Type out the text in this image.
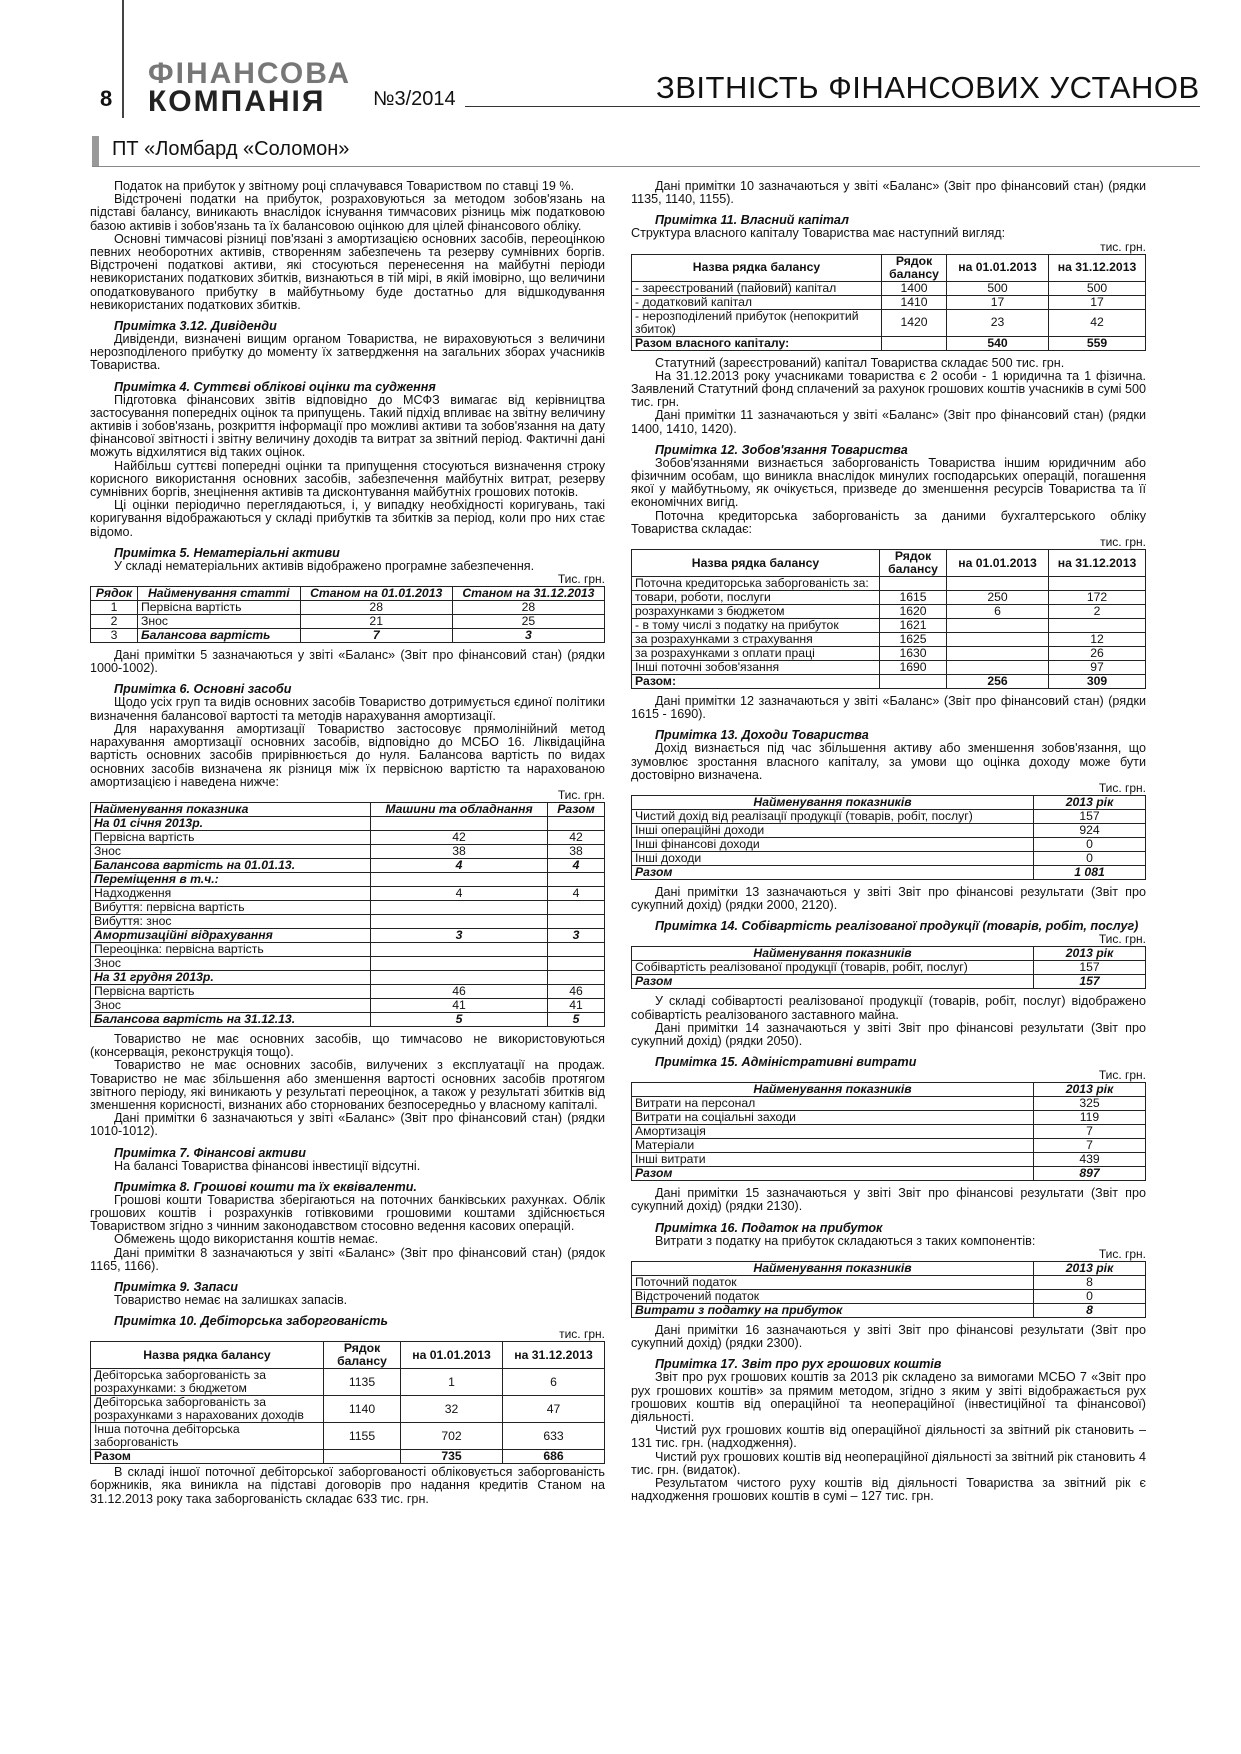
8
ФІНАНСОВА
КОМПАНІЯ	№3/2014	ЗВІТНІСТЬ ФІНАНСОВИХ УСТАНОВ
ПТ «Ломбард «Соломон»

Податок на прибуток у звітному році сплачувався Товариством по ставці 19 %.

Відстрочені податки на прибуток, розраховуються за методом зобов'язань на підставі балансу, виникають внаслідок існування тимчасових різниць між податковою базою активів і зобов'язань та їх балансовою оцінкою для цілей фінансового обліку.

Основні тимчасові різниці пов'язані з амортизацією основних засобів, переоцінкою певних необоротних активів, створенням забезпечень та резерву сумнівних боргів. Відстрочені податкові активи, які стосуються перенесення на майбутні періоди невикористаних податкових збитків, визнаються в тій мірі, в якій імовірно, що величини оподатковуваного прибутку в майбутньому буде достатньо для відшкодування невикористаних податкових збитків.

Примітка 3.12. Дивіденди

Дивіденди, визначені вищим органом Товариства, не вираховуються з величини нерозподіленого прибутку до моменту їх затвердження на загальних зборах учасників Товариства.

Примітка 4. Суттєві облікові оцінки та судження

Підготовка фінансових звітів відповідно до МСФЗ вимагає від керівництва застосування попередніх оцінок та припущень. Такий підхід впливає на звітну величину активів і зобов'язань, розкриття інформації про можливі активи та зобов'язання на дату фінансової звітності і звітну величину доходів та витрат за звітний період. Фактичні дані можуть відхилятися від таких оцінок.

Найбільш суттєві попередні оцінки та припущення стосуються визначення строку корисного використання основних засобів, забезпечення майбутніх витрат, резерву сумнівних боргів, знецінення активів та дисконтування майбутніх грошових потоків.

Ці оцінки періодично переглядаються, і, у випадку необхідності коригувань, такі коригування відображаються у складі прибутків та збитків за період, коли про них стає відомо.

Примітка 5. Нематеріальні активи

У складі нематеріальних активів відображено програмне забезпечення.

Тис. грн.
Рядок	Найменування статті	Станом на 01.01.2013	Станом на 31.12.2013
1	Первісна вартість	28	28
2	Знос	21	25
3	Балансова вартість	7	3

Дані примітки 5 зазначаються у звіті «Баланс» (Звіт про фінансовий стан) (рядки 1000-1002).

Примітка 6. Основні засоби

Щодо усіх груп та видів основних засобів Товариство дотримується єдиної політики визначення балансової вартості та методів нарахування амортизації.

Для нарахування амортизації Товариство застосовує прямолінійний метод нарахування амортизації основних засобів, відповідно до МСБО 16. Ліквідаційна вартість основних засобів прирівнюється до нуля. Балансова вартість по видах основних засобів визначена як різниця між їх первісною вартістю та нарахованою амортизацією і наведена нижче:

Тис. грн.
Найменування показника	Машини та обладнання	Разом
На 01 січня 2013р.		
Первісна вартість	42	42
Знос	38	38
Балансова вартість на 01.01.13.	4	4
Переміщення в т.ч.:		
Надходження	4	4
Вибуття: первісна вартість		
Вибуття: знос		
Амортизаційні відрахування	3	3
Переоцінка: первісна вартість		
Знос		
На 31 грудня 2013р.		
Первісна вартість	46	46
Знос	41	41
Балансова вартість на 31.12.13.	5	5

Товариство не має основних засобів, що тимчасово не використовуються (консервація, реконструкція тощо).

Товариство не має основних засобів, вилучених з експлуатації на продаж. Товариство не має збільшення або зменшення вартості основних засобів протягом звітного періоду, які виникають у результаті переоцінок, а також у результаті збитків від зменшення корисності, визнаних або сторнованих безпосередньо у власному капіталі.

Дані примітки 6 зазначаються у звіті «Баланс» (Звіт про фінансовий стан) (рядки 1010-1012).

Примітка 7. Фінансові активи

На балансі Товариства фінансові інвестиції відсутні.

Примітка 8. Грошові кошти та їх еквіваленти.

Грошові кошти Товариства зберігаються на поточних банківських рахунках. Облік грошових коштів і розрахунків готівковими грошовими коштами здійснюється Товариством згідно з чинним законодавством стосовно ведення касових операцій.

Обмежень щодо використання коштів немає.

Дані примітки 8 зазначаються у звіті «Баланс» (Звіт про фінансовий стан) (рядок 1165, 1166).

Примітка 9. Запаси

Товариство немає на залишках запасів.

Примітка 10. Дебіторська заборгованість
тис. грн.
Назва рядка балансу	Рядок балансу	на 01.01.2013	на 31.12.2013
Дебіторська заборгованість за розрахунками: з бюджетом	1135	1	6
Дебіторська заборгованість за розрахунками з нарахованих доходів	1140	32	47
Інша поточна дебіторська заборгованість	1155	702	633
Разом		735	686

В складі іншої поточної дебіторської заборгованості обліковується заборгованість боржників, яка виникла на підставі договорів про надання кредитів Станом на 31.12.2013 року така заборгованість складає 633 тис. грн.

Дані примітки 10 зазначаються у звіті «Баланс» (Звіт про фінансовий стан) (рядки 1135, 1140, 1155).

Примітка 11. Власний капітал

Структура власного капіталу Товариства має наступний вигляд:

тис. грн.
Назва рядка балансу	Рядок балансу	на 01.01.2013	на 31.12.2013
- зареєстрований (пайовий) капітал	1400	500	500
- додатковий капітал	1410	17	17
- нерозподілений прибуток (непокритий збиток)	1420	23	42
Разом власного капіталу:		540	559

Статутний (зареєстрований) капітал Товариства складає 500 тис. грн.

На 31.12.2013 року учасниками товариства є 2 особи - 1 юридична та 1 фізична. Заявлений Статутний фонд сплачений за рахунок грошових коштів учасників в сумі 500 тис. грн.

Дані примітки 11 зазначаються у звіті «Баланс» (Звіт про фінансовий стан) (рядки 1400, 1410, 1420).

Примітка 12. Зобов'язання Товариства

Зобов'язаннями визнається заборгованість Товариства іншим юридичним або фізичним особам, що виникла внаслідок минулих господарських операцій, погашення якої у майбутньому, як очікується, призведе до зменшення ресурсів Товариства та її економічних вигід.

Поточна кредиторська заборгованість за даними бухгалтерського обліку Товариства складає:

тис. грн.
Назва рядка балансу	Рядок балансу	на 01.01.2013	на 31.12.2013
Поточна кредиторська заборгованість за:			
товари, роботи, послуги	1615	250	172
розрахунками з бюджетом	1620	6	2
- в тому числі з податку на прибуток	1621		
за розрахунками з страхування	1625		12
за розрахунками з оплати праці	1630		26
Інші поточні зобов'язання	1690		97
Разом:		256	309

Дані примітки 12 зазначаються у звіті «Баланс» (Звіт про фінансовий стан) (рядки 1615 - 1690).

Примітка 13. Доходи Товариства

Дохід визнається під час збільшення активу або зменшення зобов'язання, що зумовлює зростання власного капіталу, за умови що оцінка доходу може бути достовірно визначена.

Тис. грн.
Найменування показників	2013 рік
Чистий дохід від реалізації продукції (товарів, робіт, послуг)	157
Інші операційні доходи	924
Інші фінансові доходи	0
Інші доходи	0
Разом	1 081

Дані примітки 13 зазначаються у звіті Звіт про фінансові результати (Звіт про сукупний дохід) (рядки 2000, 2120).

Примітка 14. Собівартість реалізованої продукції (товарів, робіт, послуг)
Тис. грн.
Найменування показників	2013 рік
Собівартість реалізованої продукції (товарів, робіт, послуг)	157
Разом	157

У складі собівартості реалізованої продукції (товарів, робіт, послуг) відображено собівартість реалізованого заставного майна.

Дані примітки 14 зазначаються у звіті Звіт про фінансові результати (Звіт про сукупний дохід) (рядки 2050).

Примітка 15. Адміністративні витрати
Тис. грн.
Найменування показників	2013 рік
Витрати на персонал	325
Витрати на соціальні заходи	119
Амортизація	7
Матеріали	7
Інші витрати	439
Разом	897

Дані примітки 15 зазначаються у звіті Звіт про фінансові результати (Звіт про сукупний дохід) (рядки 2130).

Примітка 16. Податок на прибуток

Витрати з податку на прибуток складаються з таких компонентів:

Тис. грн.
Найменування показників	2013 рік
Поточний податок	8
Відстрочений податок	0
Витрати з податку на прибуток	8

Дані примітки 16 зазначаються у звіті Звіт про фінансові результати (Звіт про сукупний дохід) (рядки 2300).

Примітка 17. Звіт про рух грошових коштів

Звіт про рух грошових коштів за 2013 рік складено за вимогами МСБО 7 «Звіт про рух грошових коштів» за прямим методом, згідно з яким у звіті відображається рух грошових коштів від операційної та неопераційної (інвестиційної та фінансової) діяльності.

Чистий рух грошових коштів від операційної діяльності за звітний рік становить – 131 тис. грн. (надходження).

Чистий рух грошових коштів від неопераційної діяльності за звітний рік становить 4 тис. грн. (видаток).

Результатом чистого руху коштів від діяльності Товариства за звітний рік є надходження грошових коштів в сумі – 127 тис. грн.
